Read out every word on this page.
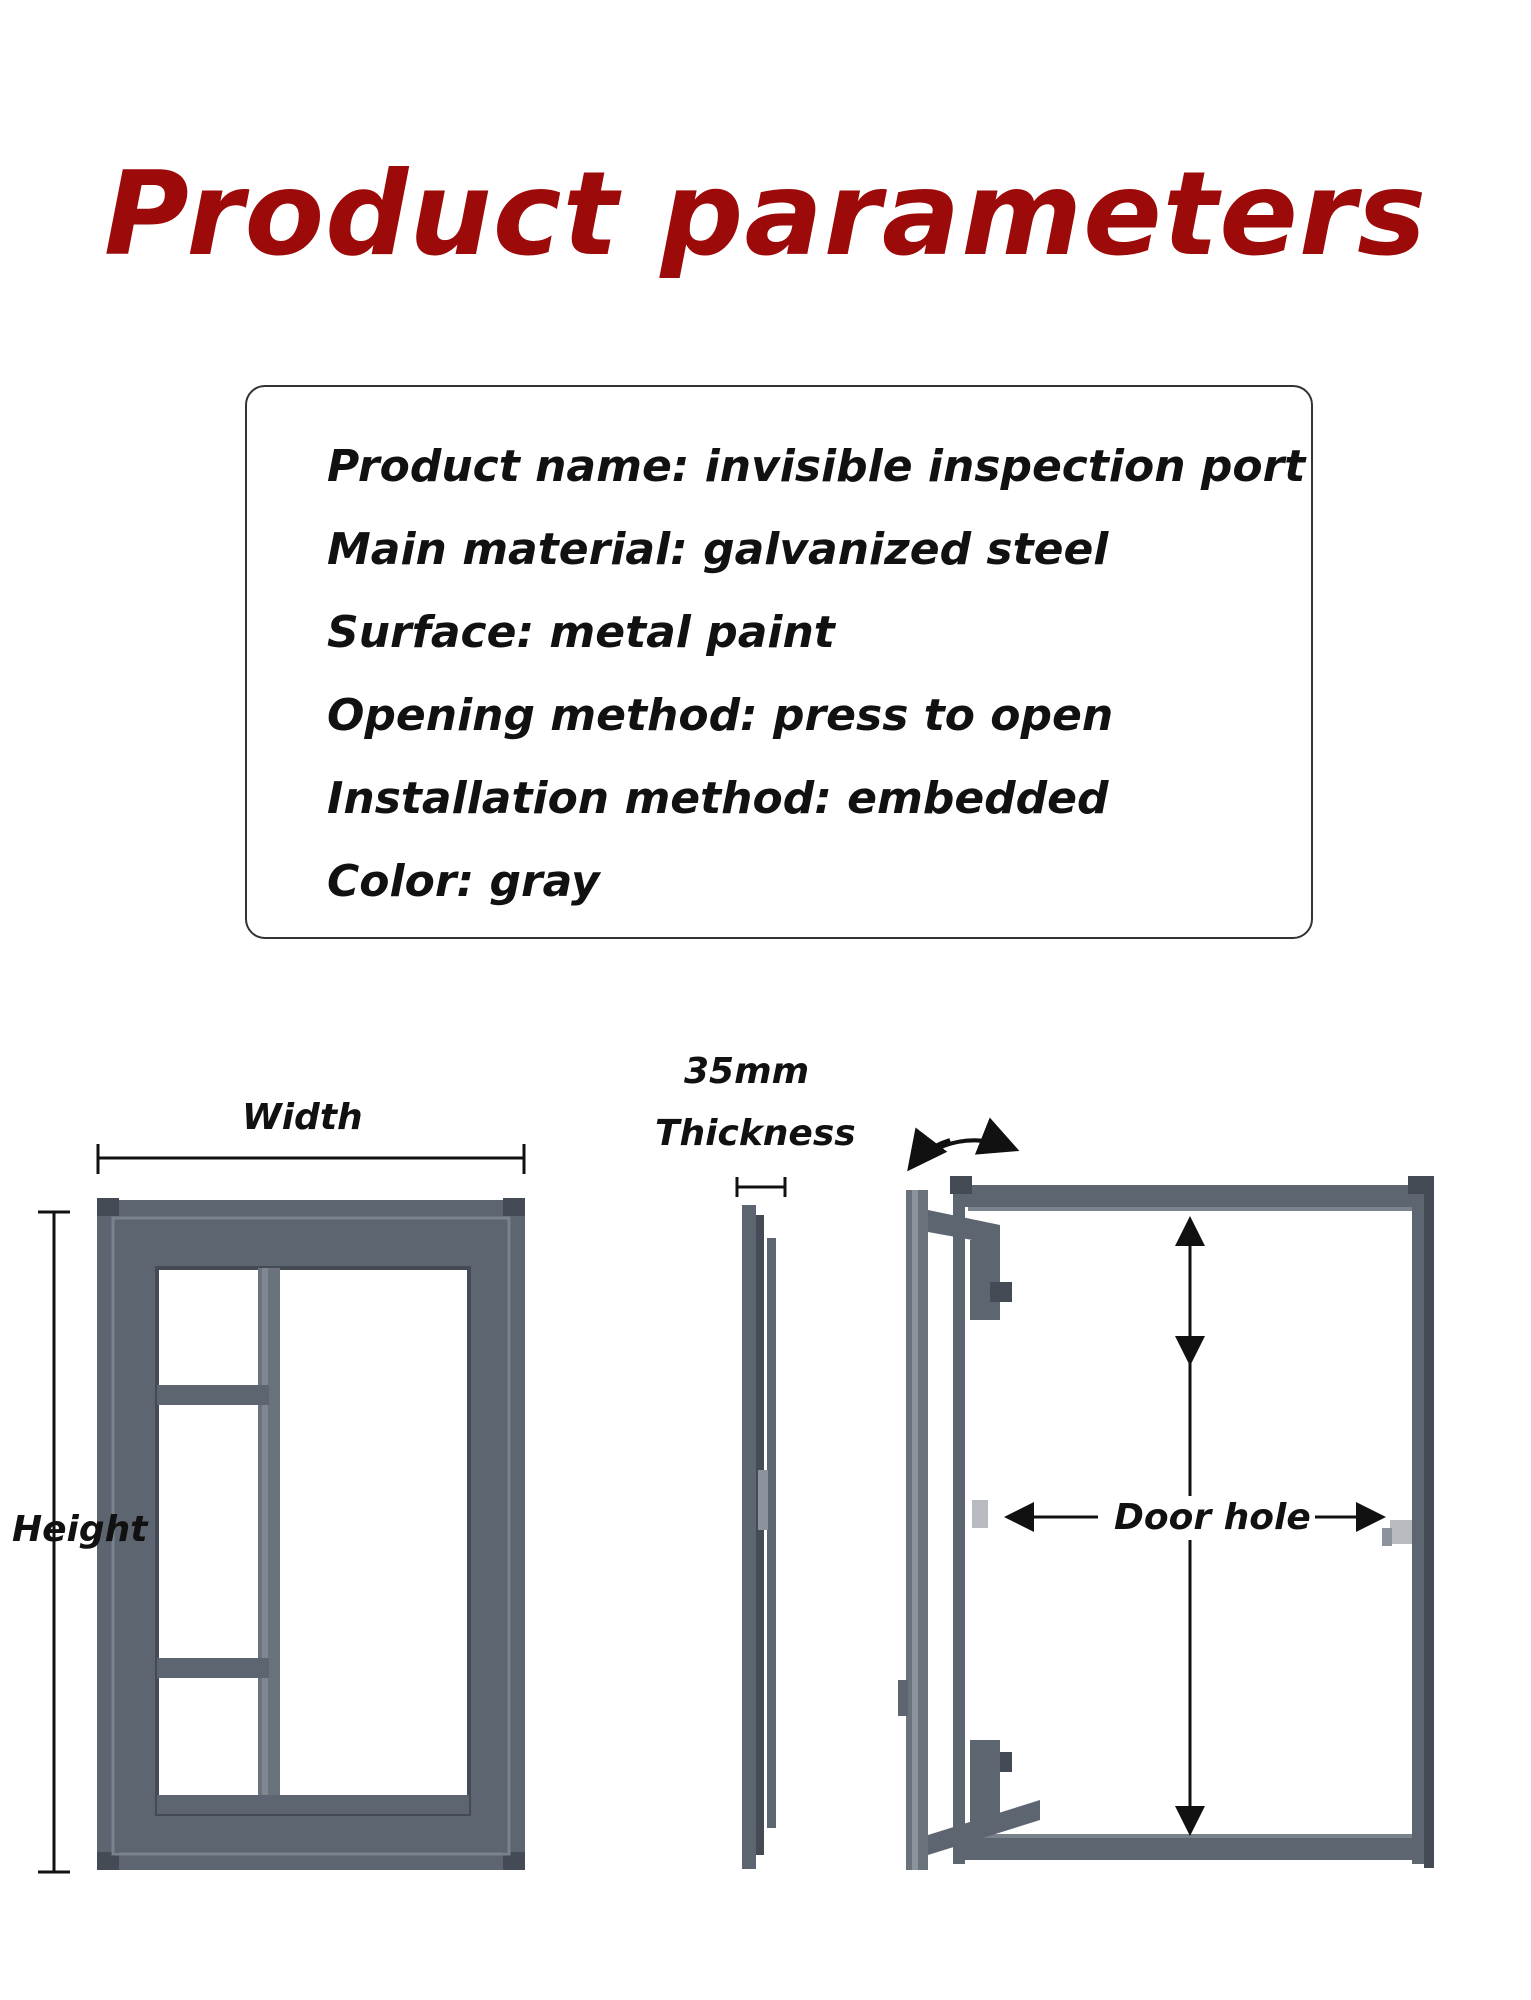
Product parameters
Product name: invisible inspection port
Main material: galvanized steel
Surface: metal paint
Opening method: press to open
Installation method: embedded
Color: gray
Width
Height
35mm
Thickness
Door hole
